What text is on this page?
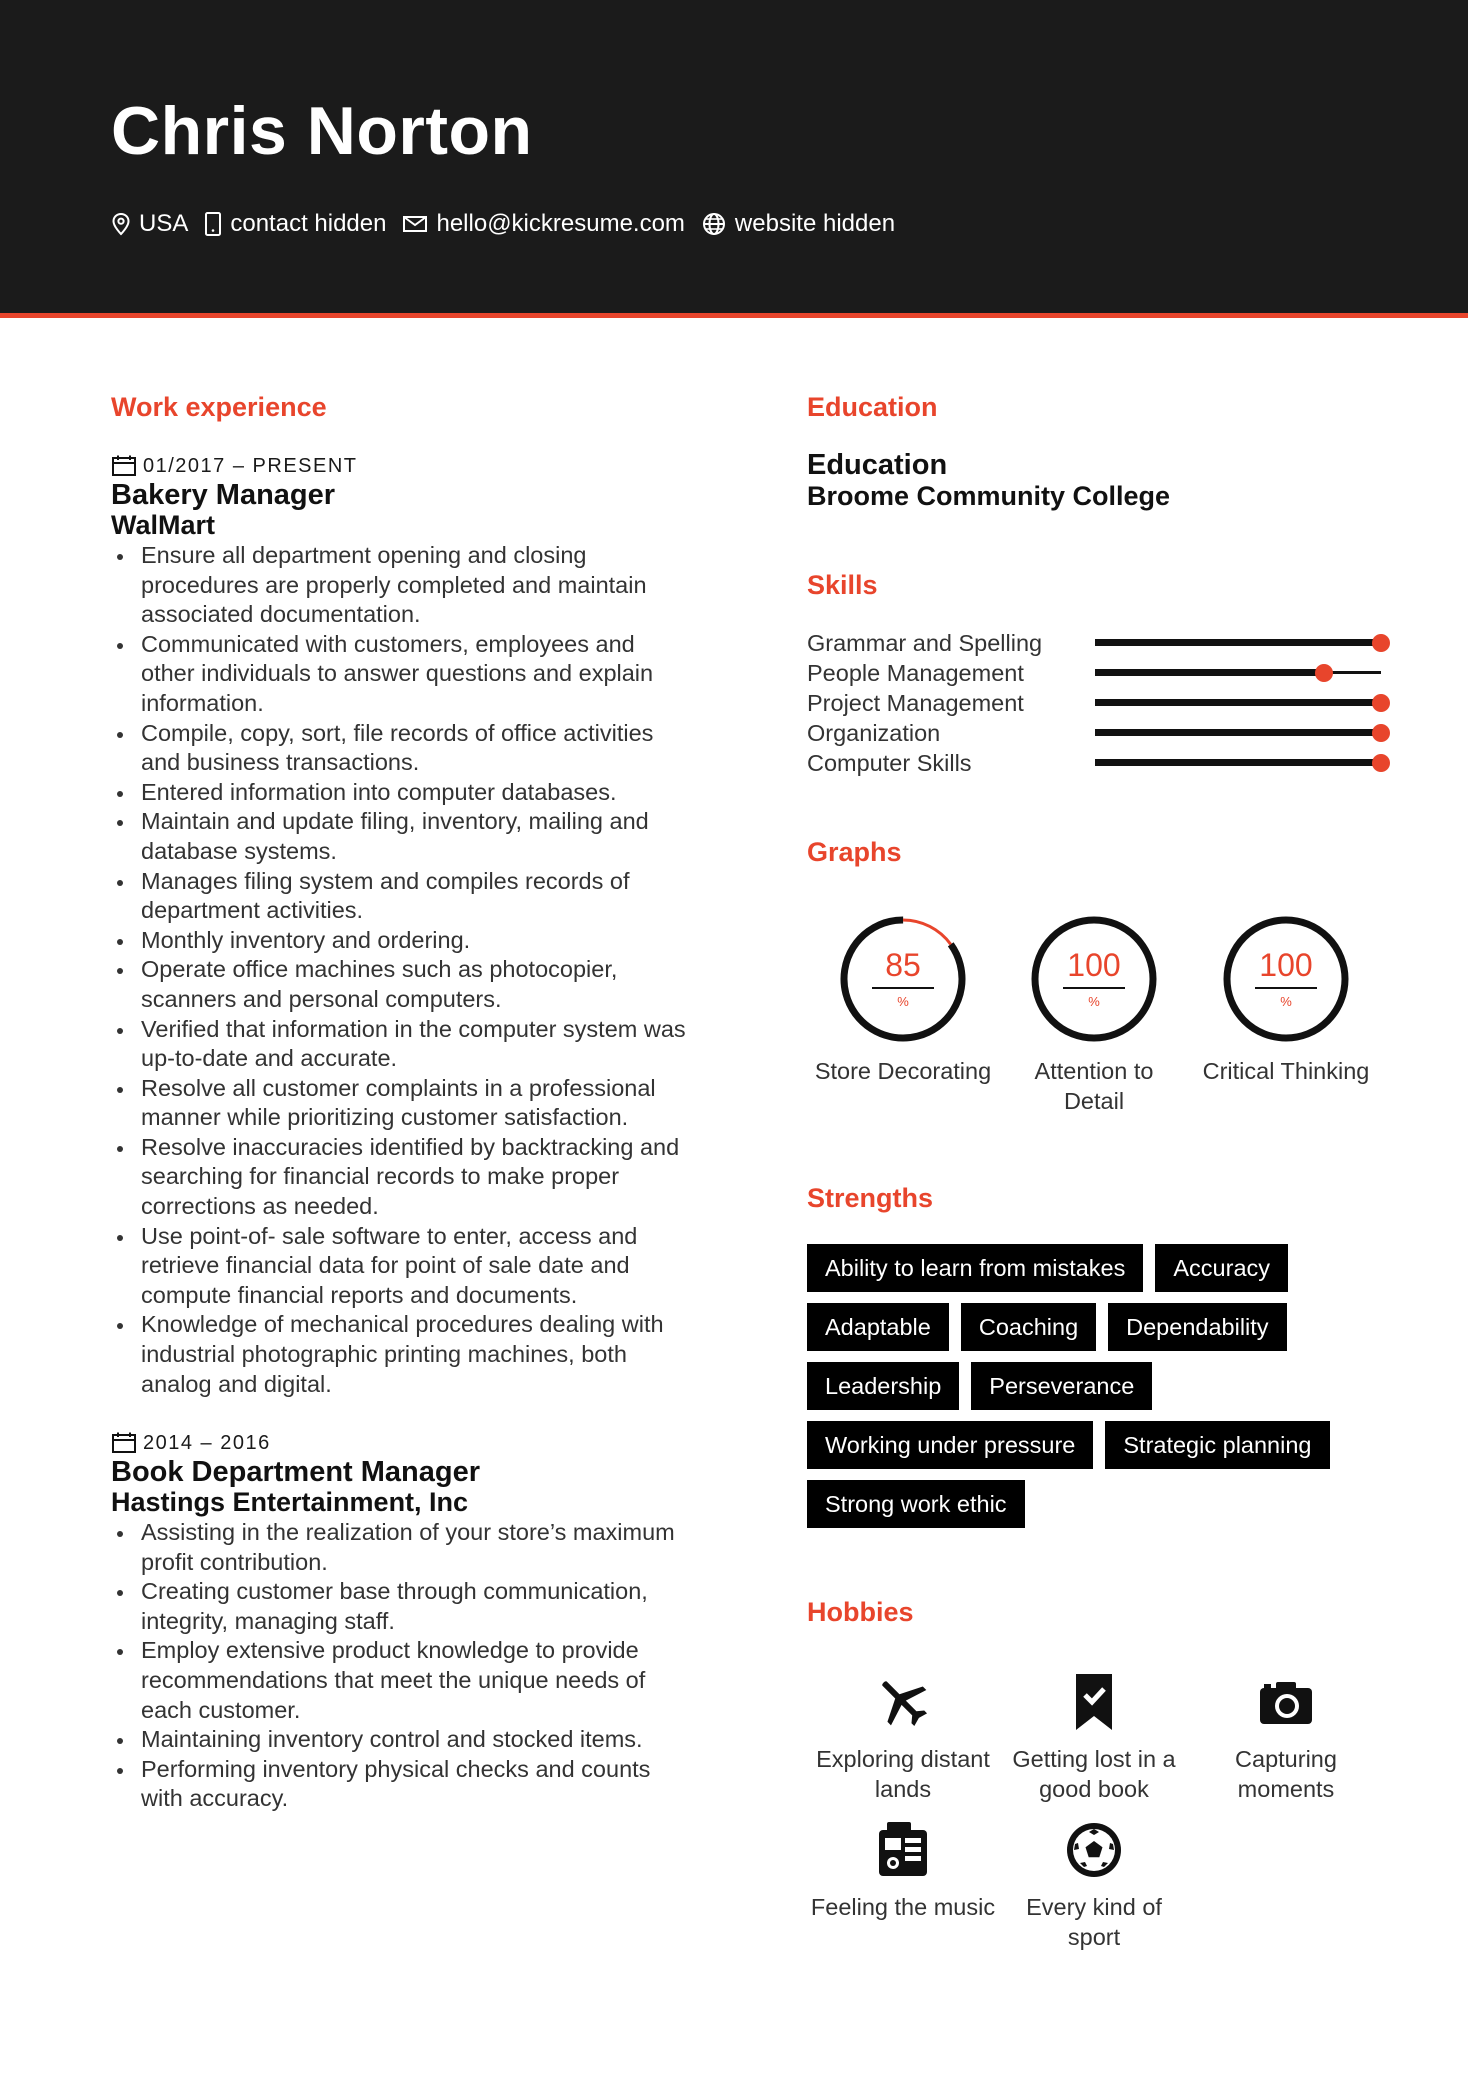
Chris Norton
USA contact hidden hello@kickresume.com website hidden
Work experience
01/2017 – PRESENT
Bakery Manager
WalMart
Ensure all department opening and closing procedures are properly completed and maintain associated documentation.
Communicated with customers, employees and other individuals to answer questions and explain information.
Compile, copy, sort, file records of office activities and business transactions.
Entered information into computer databases.
Maintain and update filing, inventory, mailing and database systems.
Manages filing system and compiles records of department activities.
Monthly inventory and ordering.
Operate office machines such as photocopier, scanners and personal computers.
Verified that information in the computer system was up-to-date and accurate.
Resolve all customer complaints in a professional manner while prioritizing customer satisfaction.
Resolve inaccuracies identified by backtracking and searching for financial records to make proper corrections as needed.
Use point-of- sale software to enter, access and retrieve financial data for point of sale date and compute financial reports and documents.
Knowledge of mechanical procedures dealing with industrial photographic printing machines, both analog and digital.
2014 – 2016
Book Department Manager
Hastings Entertainment, Inc
Assisting in the realization of your store’s maximum profit contribution.
Creating customer base through communication, integrity, managing staff.
Employ extensive product knowledge to provide recommendations that meet the unique needs of each customer.
Maintaining inventory control and stocked items.
Performing inventory physical checks and counts with accuracy.
Education
Education
Broome Community College
Skills
Grammar and Spelling
People Management
Project Management
Organization
Computer Skills
Graphs
85
%
Store Decorating
100
%
Attention to Detail
100
%
Critical Thinking
Strengths
Ability to learn from mistakes	Accuracy
Adaptable	Coaching	Dependability
Leadership	Perseverance
Working under pressure	Strategic planning
Strong work ethic
Hobbies
Exploring distant lands
Getting lost in a good book
Capturing moments
Feeling the music	Every kind of sport
